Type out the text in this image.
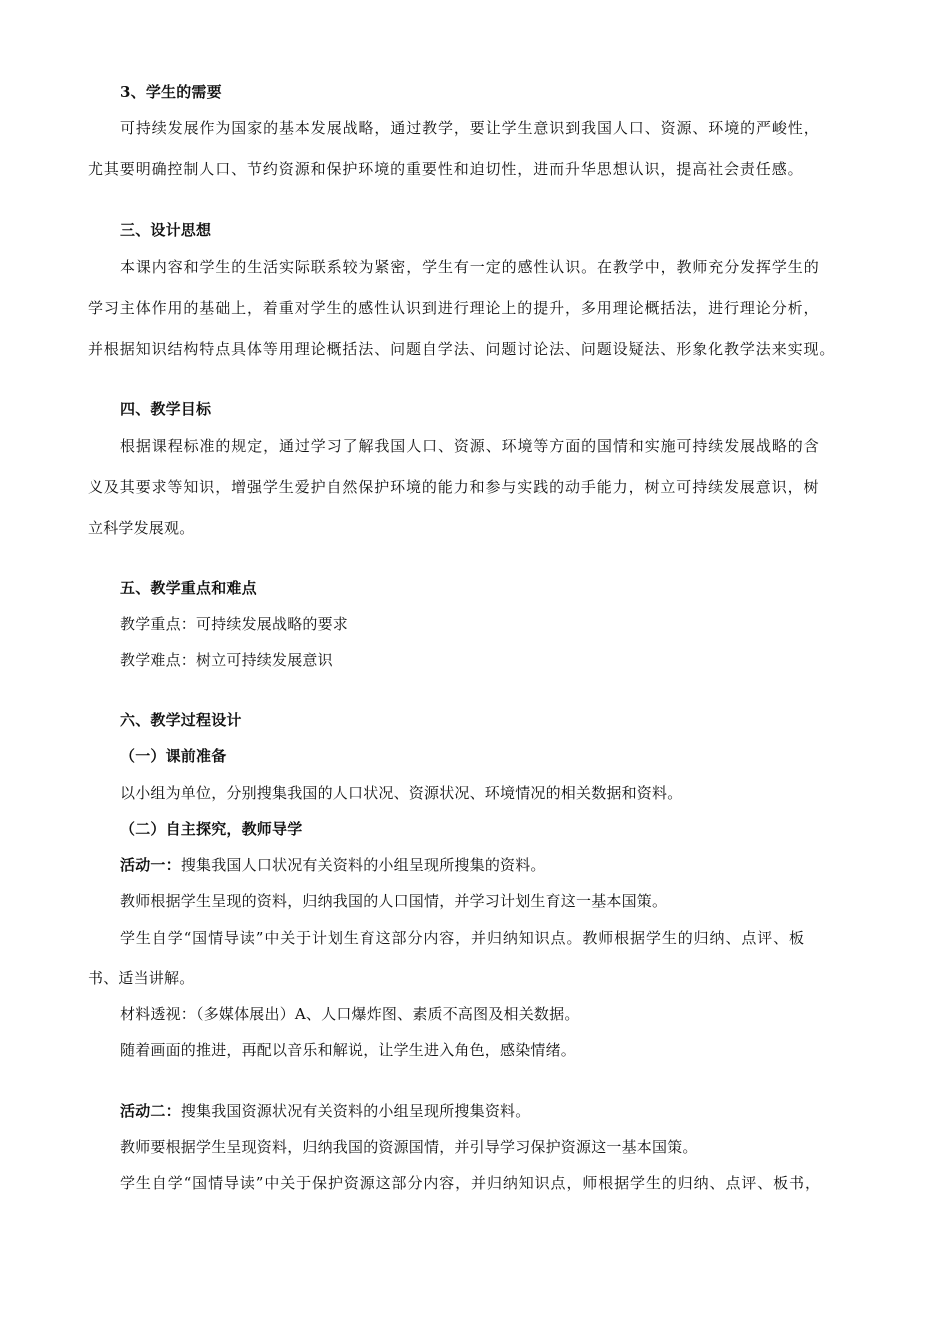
3、学生的需要
可持续发展作为国家的基本发展战略，通过教学，要让学生意识到我国人口、资源、环境的严峻性，
尤其要明确控制人口、节约资源和保护环境的重要性和迫切性，进而升华思想认识，提高社会责任感。
三、设计思想
本课内容和学生的生活实际联系较为紧密，学生有一定的感性认识。在教学中，教师充分发挥学生的
学习主体作用的基础上，着重对学生的感性认识到进行理论上的提升，多用理论概括法，进行理论分析，
并根据知识结构特点具体等用理论概括法、问题自学法、问题讨论法、问题设疑法、形象化教学法来实现。
四、教学目标
根据课程标准的规定，通过学习了解我国人口、资源、环境等方面的国情和实施可持续发展战略的含
义及其要求等知识，增强学生爱护自然保护环境的能力和参与实践的动手能力，树立可持续发展意识，树
立科学发展观。
五、教学重点和难点
教学重点：可持续发展战略的要求
教学难点：树立可持续发展意识
六、教学过程设计
（一）课前准备
以小组为单位，分别搜集我国的人口状况、资源状况、环境情况的相关数据和资料。
（二）自主探究，教师导学
活动一：搜集我国人口状况有关资料的小组呈现所搜集的资料。
教师根据学生呈现的资料，归纳我国的人口国情，并学习计划生育这一基本国策。
学生自学“国情导读”中关于计划生育这部分内容，并归纳知识点。教师根据学生的归纳、点评、板
书、适当讲解。
材料透视：（多媒体展出）A、人口爆炸图、素质不高图及相关数据。
随着画面的推进，再配以音乐和解说，让学生进入角色，感染情绪。
活动二：搜集我国资源状况有关资料的小组呈现所搜集资料。
教师要根据学生呈现资料，归纳我国的资源国情，并引导学习保护资源这一基本国策。
学生自学“国情导读”中关于保护资源这部分内容，并归纳知识点，师根据学生的归纳、点评、板书，
